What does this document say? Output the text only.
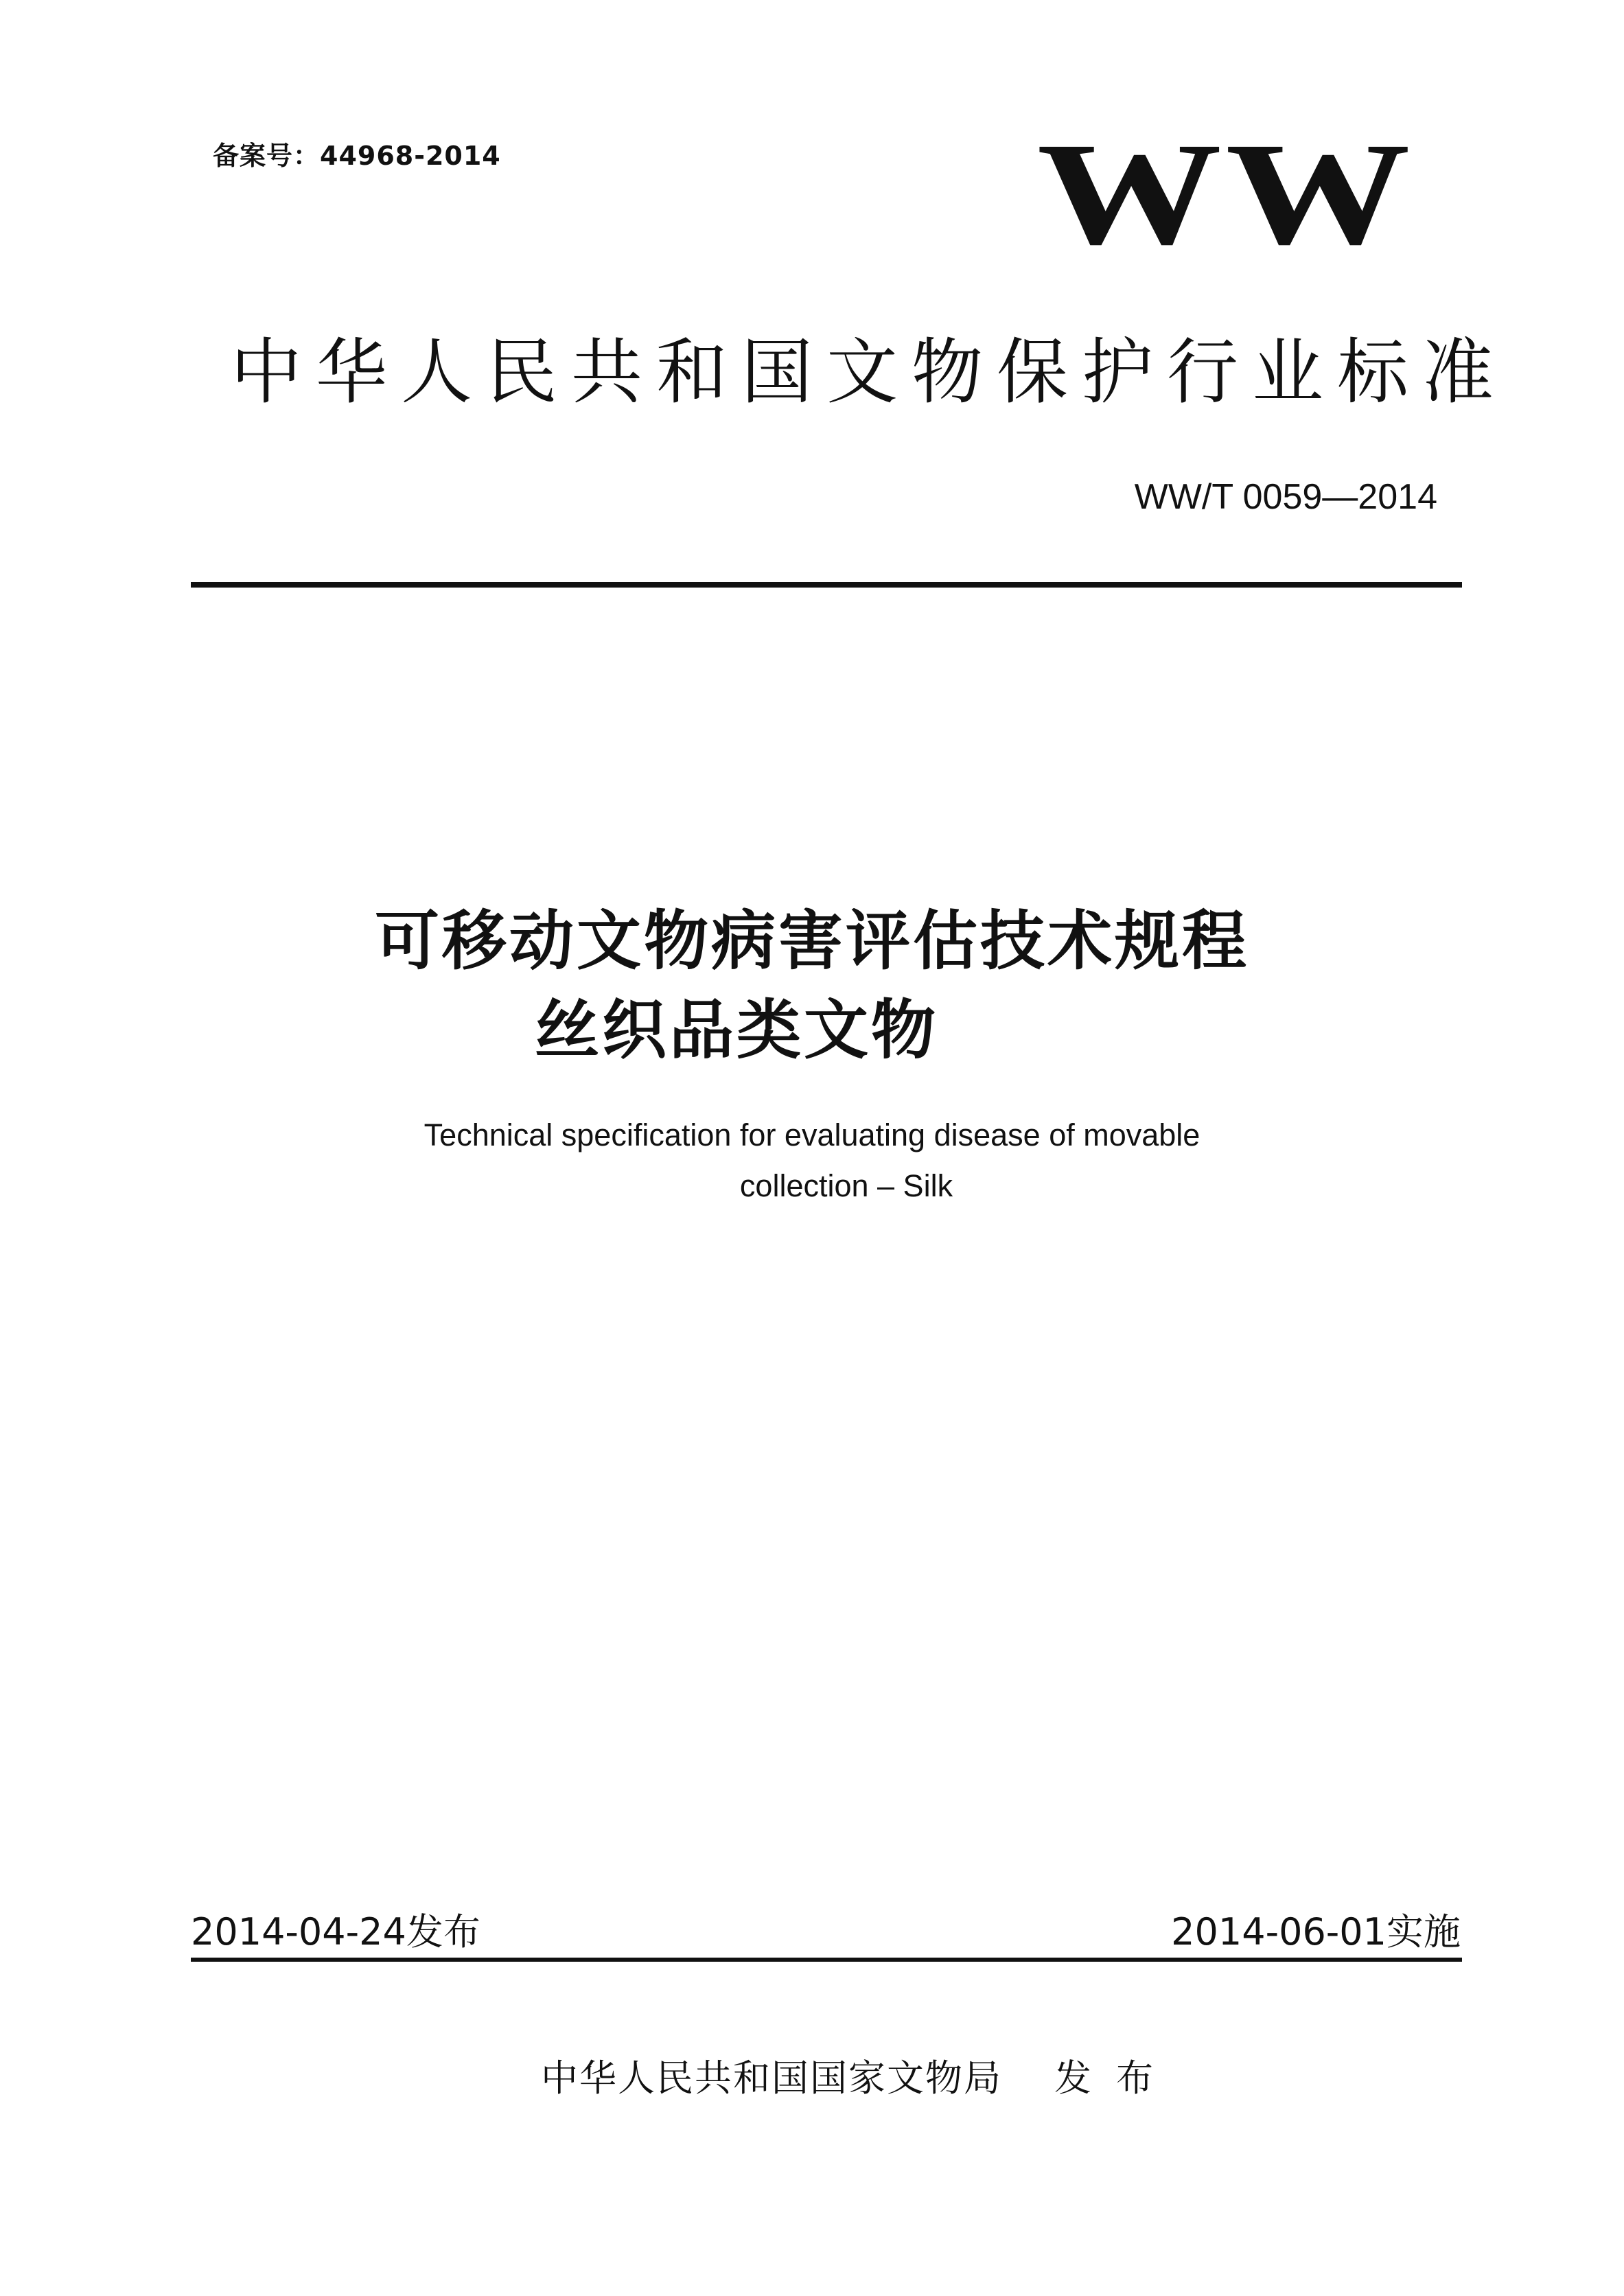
备案号：44968-2014	WW
中华人民共和国文物保护行业标准
WW/T 0059—2014
可移动文物病害评估技术规程
丝织品类文物
Technical specification for evaluating disease of movable
collection – Silk
2014-04-24发布	2014-06-01实施
中华人民共和国国家文物局 发布
